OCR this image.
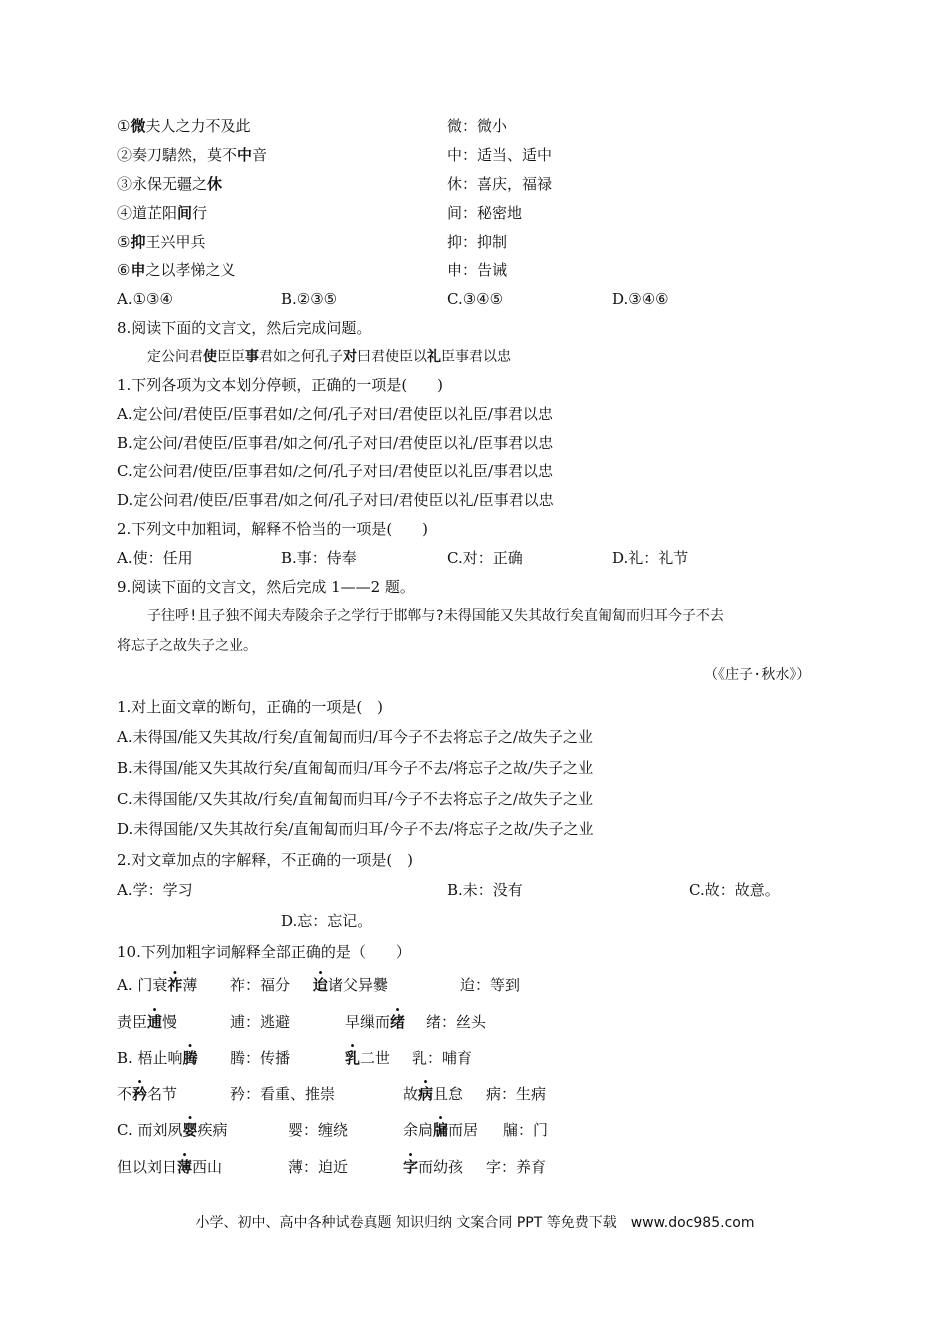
①微夫人之力不及此	微：微小
②奏刀騞然，莫不中音	中：适当、适中
③永保无疆之休	休：喜庆，福禄
④道芷阳间行	间：秘密地
⑤抑王兴甲兵	抑：抑制
⑥申之以孝悌之义	申：告诫
A.①③④	B.②③⑤	C.③④⑤	D.③④⑥
8.阅读下面的文言文，然后完成问题。
定公问君使臣臣事君如之何孔子对曰君使臣以礼臣事君以忠
1.下列各项为文本划分停顿，正确的一项是(　　)
A.定公问/君使臣/臣事君如/之何/孔子对曰/君使臣以礼臣/事君以忠
B.定公问/君使臣/臣事君/如之何/孔子对曰/君使臣以礼/臣事君以忠
C.定公问君/使臣/臣事君如/之何/孔子对曰/君使臣以礼臣/事君以忠
D.定公问君/使臣/臣事君/如之何/孔子对曰/君使臣以礼/臣事君以忠
2.下列文中加粗词，解释不恰当的一项是(　　)
A.使：任用	B.事：侍奉	C.对：正确	D.礼：礼节
9.阅读下面的文言文，然后完成 1——2 题。
子往呼!且子独不闻夫寿陵余子之学行于邯郸与?未得国能又失其故行矣直匍匐而归耳今子不去
将忘子之故失子之业。
（《庄子·秋水》）
1.对上面文章的断句，正确的一项是(　)
A.未得国/能又失其故/行矣/直匍匐而归/耳今子不去将忘子之/故失子之业
B.未得国/能又失其故行矣/直匍匐而归/耳今子不去/将忘子之故/失子之业
C.未得国能/又失其故/行矣/直匍匐而归耳/今子不去将忘子之/故失子之业
D.未得国能/又失其故行矣/直匍匐而归耳/今子不去/将忘子之故/失子之业
2.对文章加点的字解释，不正确的一项是(　)
A.学：学习	B.未：没有	C.故：故意。
D.忘：忘记。
10.下列加粗字词解释全部正确的是（　　）
A. 门衰祚薄 祚：福分 迨诸父异爨	迨：等到
责臣逋慢	逋：逃避	早缫而绪 绪：丝头
B. 梧止响腾 腾：传播	乳二世 乳：哺育
不矜名节	矜：看重、推崇	故病且怠 病：生病
C. 而刘夙婴疾病	婴：缠绕	余扃牖而居 牖：门
但以刘日薄西山	薄：迫近	字而幼孩 字：养育
小学、初中、高中各种试卷真题 知识归纳 文案合同 PPT 等免费下载　www.doc985.com
